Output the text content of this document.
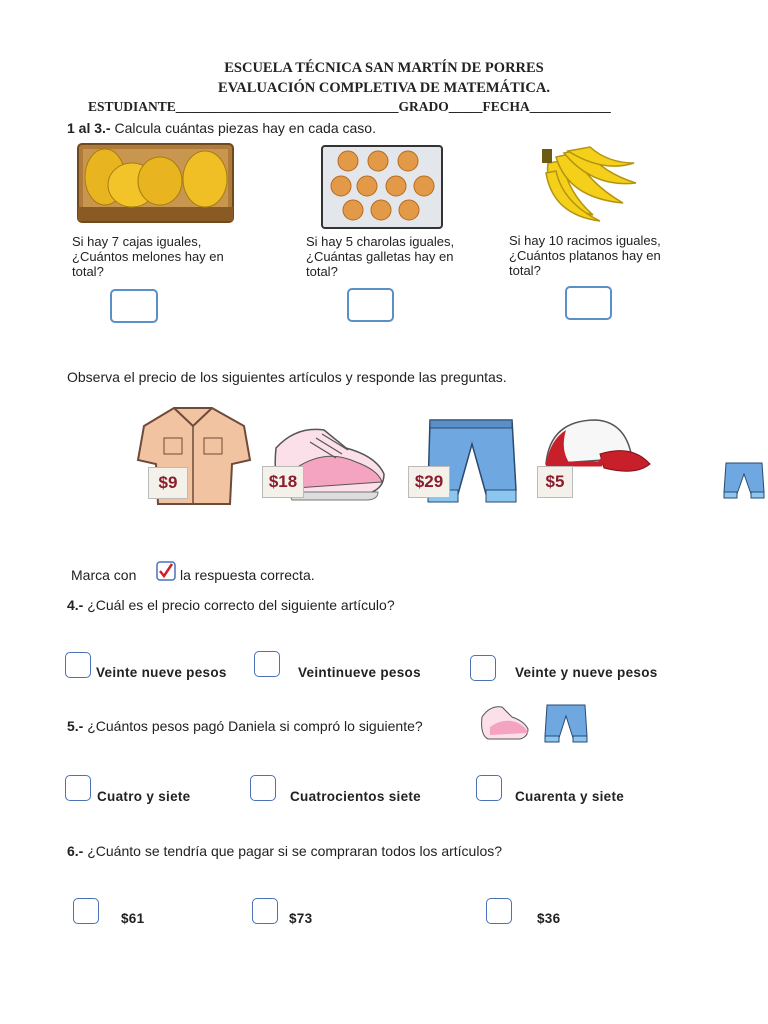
ESCUELA TÉCNICA SAN MARTÍN DE PORRES
EVALUACIÓN COMPLETIVA DE MATEMÁTICA.
ESTUDIANTE_________________________________GRADO_____FECHA____________
1 al 3.- Calcula cuántas piezas hay en cada caso.
Si hay 7 cajas iguales, ¿Cuántos melones hay en total?
Si hay 5 charolas iguales, ¿Cuántas galletas hay en total?
Si hay 10 racimos iguales, ¿Cuántos platanos hay en total?
Observa el precio de los siguientes artículos y responde las preguntas.
$9	$18	$29	$5
Marca con	la respuesta correcta.
4.- ¿Cuál es el precio correcto del siguiente artículo?
Veinte nueve pesos	Veintinueve pesos	Veinte y nueve pesos
5.- ¿Cuántos pesos pagó Daniela si compró lo siguiente?
Cuatro y siete	Cuatrocientos siete	Cuarenta y siete
6.- ¿Cuánto se tendría que pagar si se compraran todos los artículos?
$61	$73	$36
